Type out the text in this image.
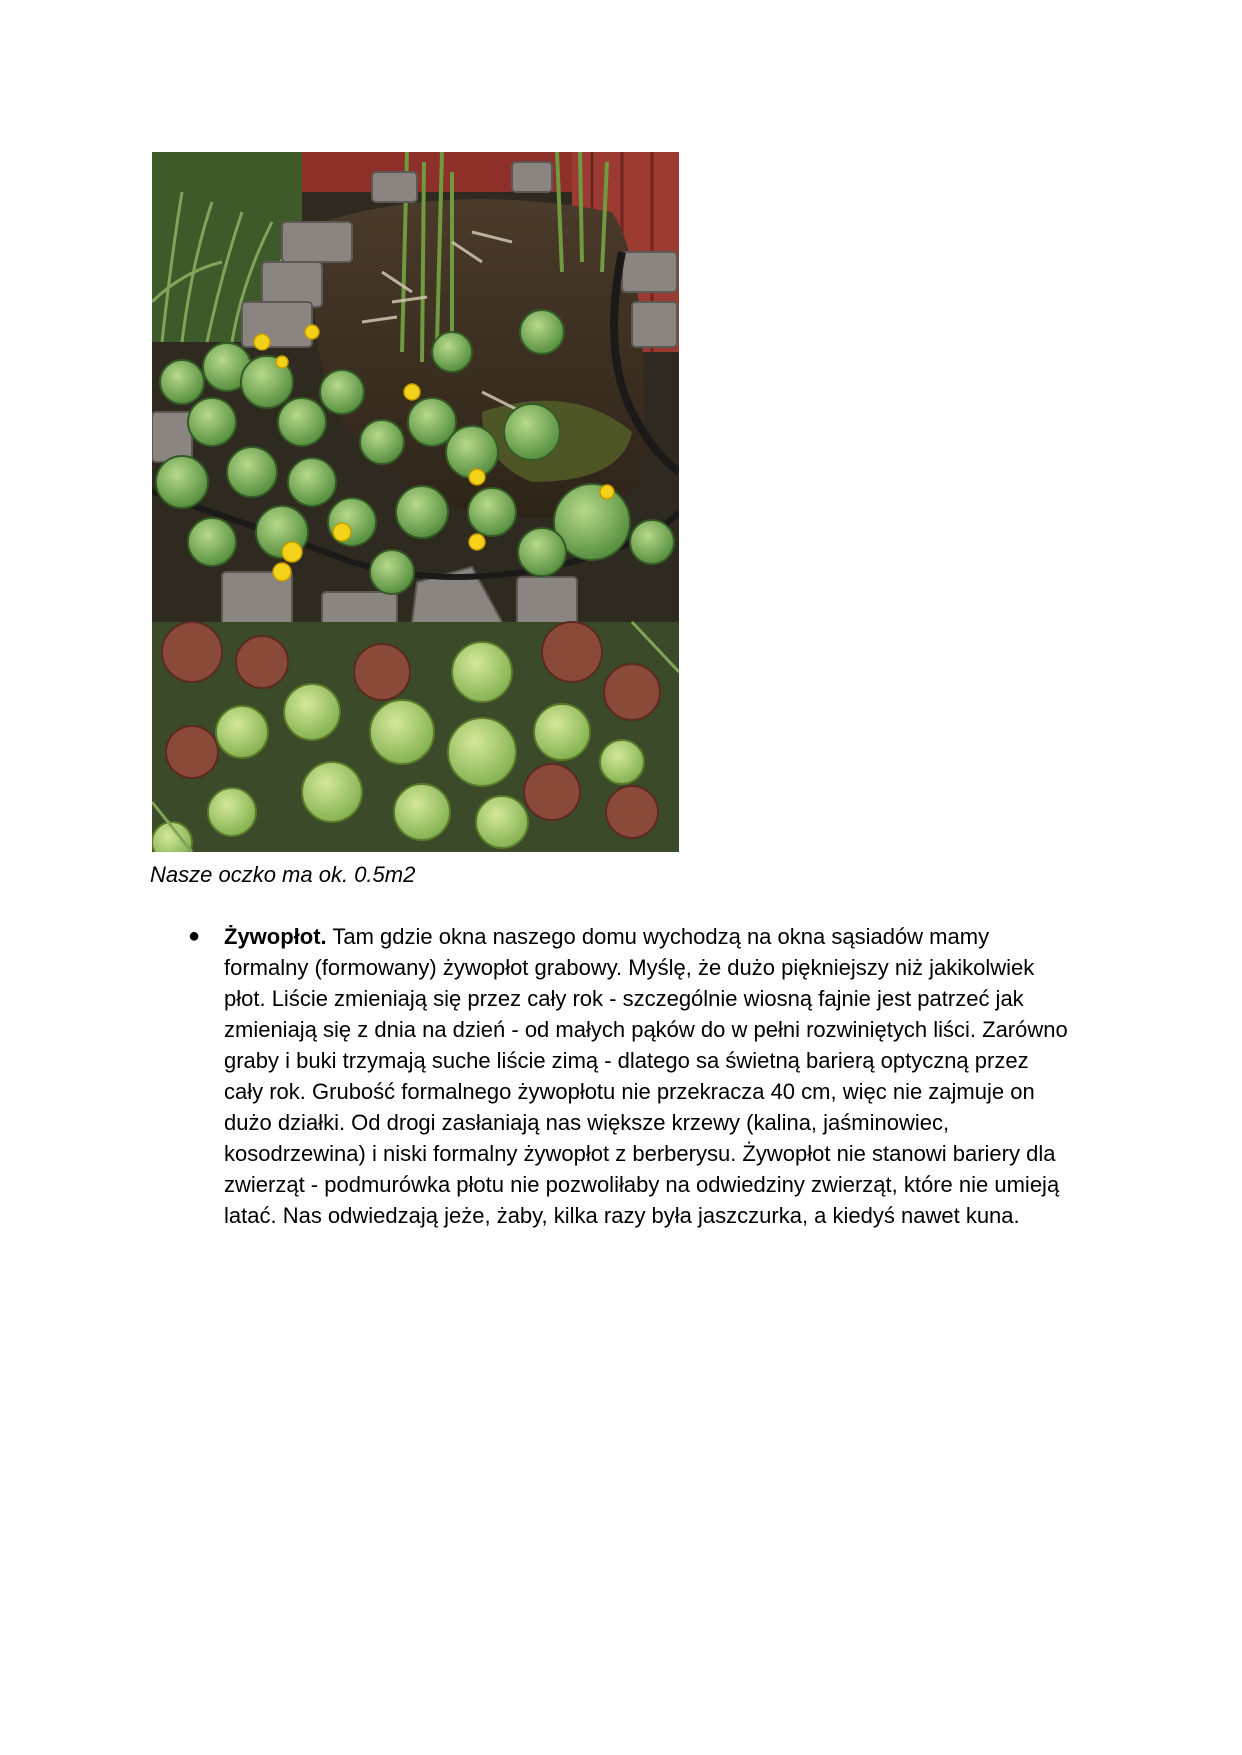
Nasze oczko ma ok. 0.5m2
● Żywopłot. Tam gdzie okna naszego domu wychodzą na okna sąsiadów mamy
formalny (formowany) żywopłot grabowy. Myślę, że dużo piękniejszy niż jakikolwiek
płot. Liście zmieniają się przez cały rok - szczególnie wiosną fajnie jest patrzeć jak
zmieniają się z dnia na dzień - od małych pąków do w pełni rozwiniętych liści. Zarówno
graby i buki trzymają suche liście zimą - dlatego sa świetną barierą optyczną przez
cały rok. Grubość formalnego żywopłotu nie przekracza 40 cm, więc nie zajmuje on
dużo działki. Od drogi zasłaniają nas większe krzewy (kalina, jaśminowiec,
kosodrzewina) i niski formalny żywopłot z berberysu. Żywopłot nie stanowi bariery dla
zwierząt - podmurówka płotu nie pozwoliłaby na odwiedziny zwierząt, które nie umieją
latać. Nas odwiedzają jeże, żaby, kilka razy była jaszczurka, a kiedyś nawet kuna.
